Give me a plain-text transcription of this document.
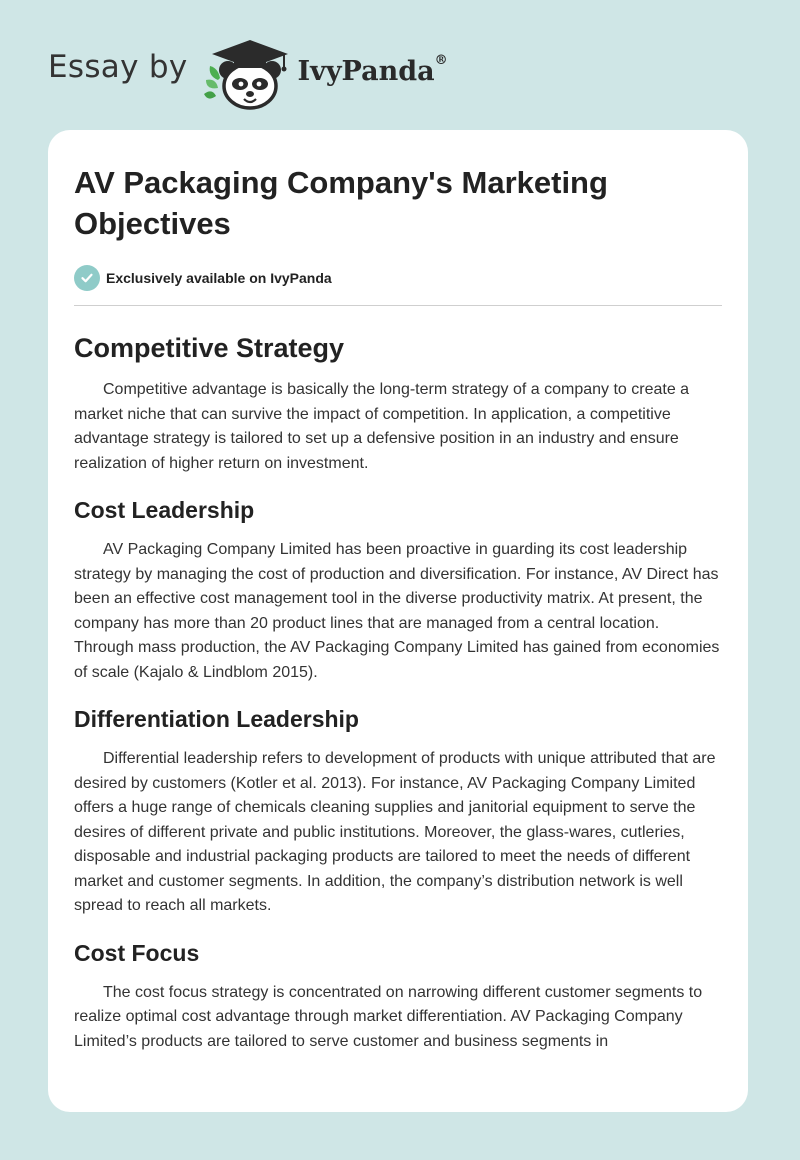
Essay by	IvyPanda®
AV Packaging Company's Marketing Objectives
Exclusively available on IvyPanda
Competitive Strategy

Competitive advantage is basically the long-term strategy of a company to create a market niche that can survive the impact of competition. In application, a competitive advantage strategy is tailored to set up a defensive position in an industry and ensure realization of higher return on investment.

Cost Leadership

AV Packaging Company Limited has been proactive in guarding its cost leadership strategy by managing the cost of production and diversification. For instance, AV Direct has been an effective cost management tool in the diverse productivity matrix. At present, the company has more than 20 product lines that are managed from a central location. Through mass production, the AV Packaging Company Limited has gained from economies of scale (Kajalo & Lindblom 2015).

Differentiation Leadership

Differential leadership refers to development of products with unique attributed that are desired by customers (Kotler et al. 2013). For instance, AV Packaging Company Limited offers a huge range of chemicals cleaning supplies and janitorial equipment to serve the desires of different private and public institutions. Moreover, the glass-wares, cutleries, disposable and industrial packaging products are tailored to meet the needs of different market and customer segments. In addition, the company’s distribution network is well spread to reach all markets.

Cost Focus

The cost focus strategy is concentrated on narrowing different customer segments to realize optimal cost advantage through market differentiation. AV Packaging Company Limited’s products are tailored to serve customer and business segments in
